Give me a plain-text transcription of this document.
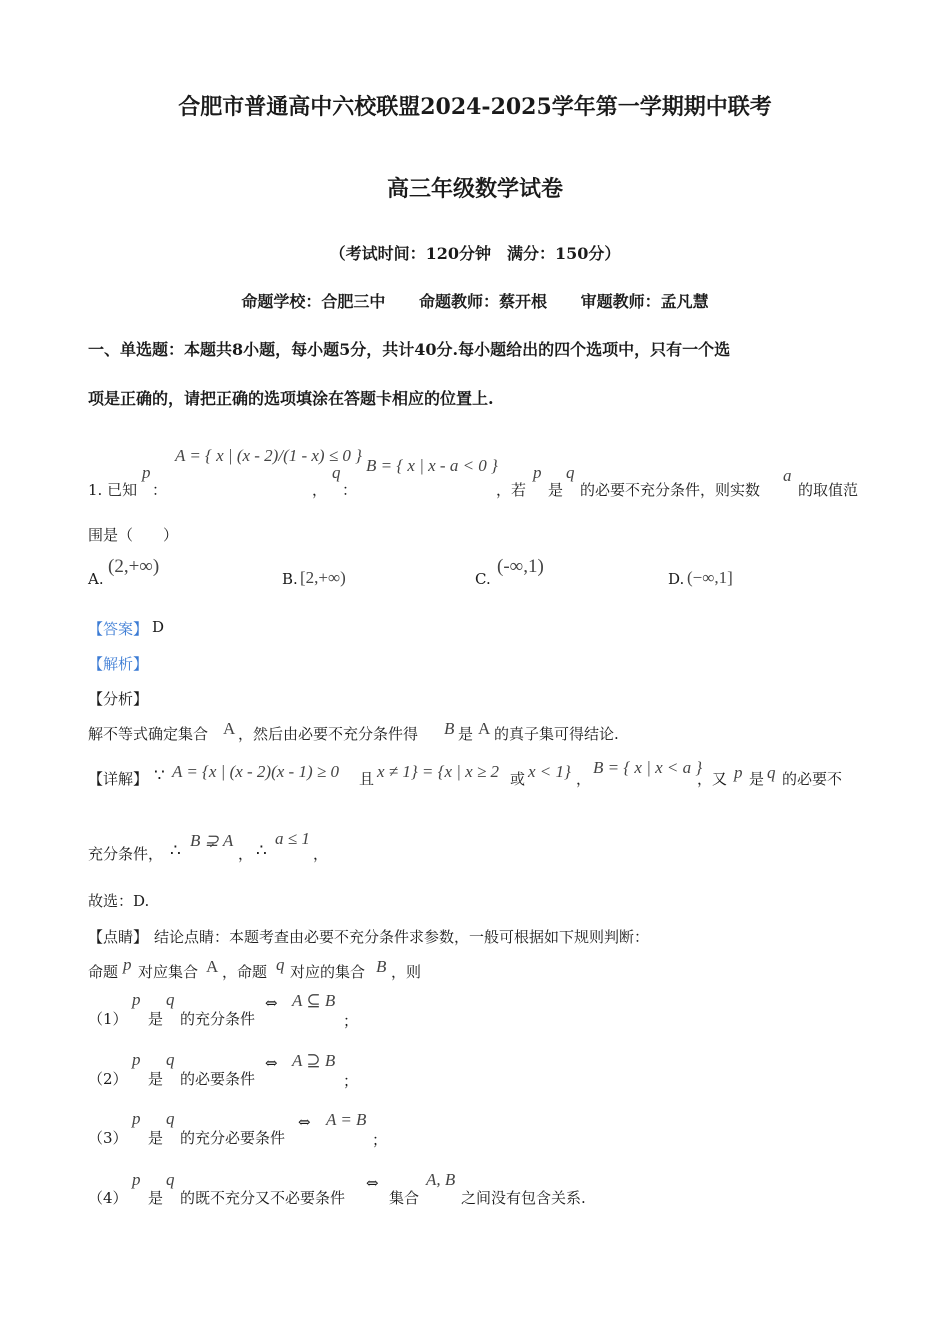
合肥市普通高中六校联盟2024-2025学年第一学期期中联考
高三年级数学试卷
（考试时间：120分钟　满分：150分）
命题学校：合肥三中 命题教师：蔡开根 审题教师：孟凡慧
一、单选题：本题共8小题，每小题5分，共计40分.每小题给出的四个选项中，只有一个选
项是正确的，请把正确的选项填涂在答题卡相应的位置上.
1. 已知
p
：
A = { x | (x - 2)/(1 - x) ≤ 0 }
，
q
：
B = { x | x - a < 0 }
，若
p
是
q
的必要不充分条件，则实数
a
的取值范
围是（　　）
A.
(2,+∞)
B. [2,+∞)	C.
(-∞,1)
D. (−∞,1]
【答案】 D
【解析】
【分析】
解不等式确定集合 A ，然后由必要不充分条件得 B 是 A 的真子集可得结论.
【详解】 ∵ A = {x | (x - 2)(x - 1) ≥ 0 且 x ≠ 1} = {x | x ≥ 2 或 x < 1} ，
B = { x | x < a }
，又 p 是 q 的必要不
充分条件， ∴
B ⊋ A
， ∴
a ≤ 1
，
故选：D.
【点睛】 结论点睛：本题考查由必要不充分条件求参数，一般可根据如下规则判断：
命题 p 对应集合 A ，命题 q 对应的集合 B ，则
（1）
p
是
q
的充分条件
⇔ A ⊆ B
；
（2）
p
是
q
的必要条件
⇔ A ⊇ B
；
（3）
p
是
q
的充分必要条件
⇔ A = B
；
（4）
p
是
q
的既不充分又不必要条件
⇔
集合
A, B
之间没有包含关系.
